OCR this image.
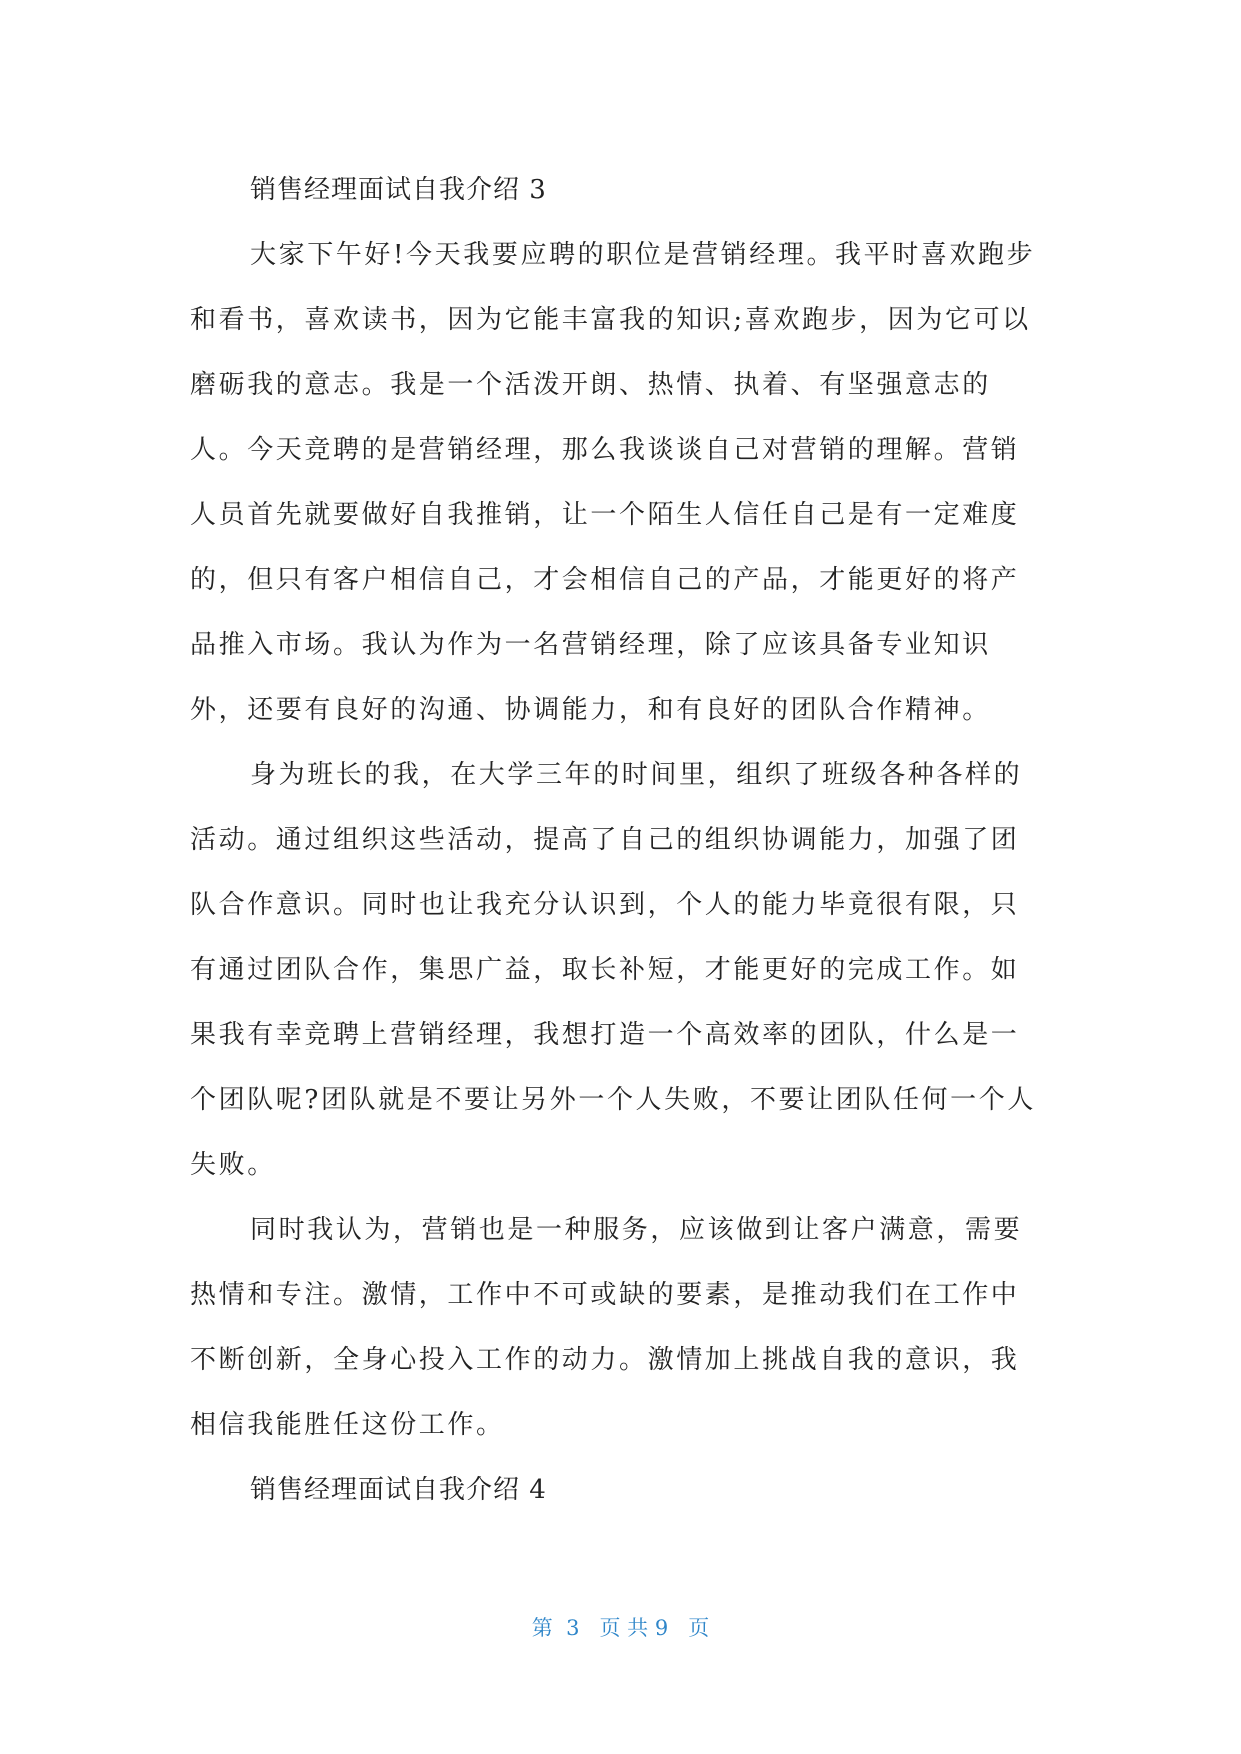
销售经理面试自我介绍 3

大家下午好!今天我要应聘的职位是营销经理。我平时喜欢跑步
和看书，喜欢读书，因为它能丰富我的知识;喜欢跑步，因为它可以
磨砺我的意志。我是一个活泼开朗、热情、执着、有坚强意志的
人。今天竞聘的是营销经理，那么我谈谈自己对营销的理解。营销
人员首先就要做好自我推销，让一个陌生人信任自己是有一定难度
的，但只有客户相信自己，才会相信自己的产品，才能更好的将产
品推入市场。我认为作为一名营销经理，除了应该具备专业知识
外，还要有良好的沟通、协调能力，和有良好的团队合作精神。

身为班长的我，在大学三年的时间里，组织了班级各种各样的
活动。通过组织这些活动，提高了自己的组织协调能力，加强了团
队合作意识。同时也让我充分认识到，个人的能力毕竟很有限，只
有通过团队合作，集思广益，取长补短，才能更好的完成工作。如
果我有幸竞聘上营销经理，我想打造一个高效率的团队，什么是一
个团队呢?团队就是不要让另外一个人失败，不要让团队任何一个人
失败。

同时我认为，营销也是一种服务，应该做到让客户满意，需要
热情和专注。激情，工作中不可或缺的要素，是推动我们在工作中
不断创新，全身心投入工作的动力。激情加上挑战自我的意识，我
相信我能胜任这份工作。

销售经理面试自我介绍 4
第  3   页 共 9   页
